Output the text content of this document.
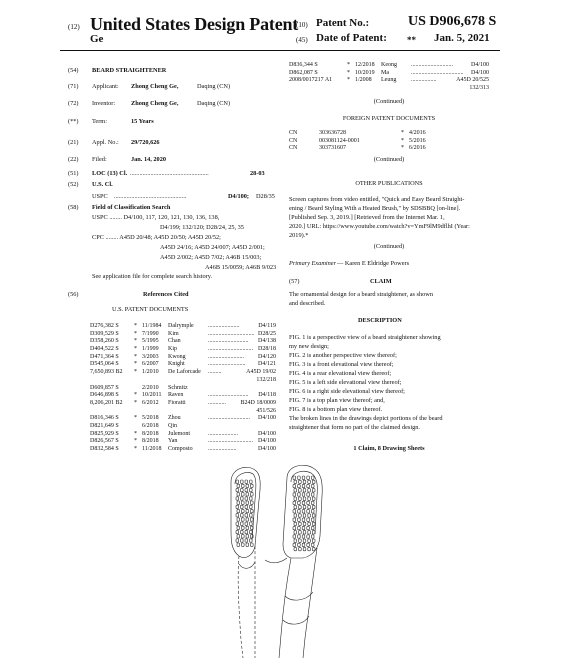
(12) United States Design Patent
Ge
(10) Patent No.:	US D906,678 S
(45) Date of Patent: ** Jan. 5, 2021
(54) BEARD STRAIGHTENER
(71) Applicant: Zhong Cheng Ge,	Daqing (CN)
(72) Inventor:	Zhong Cheng Ge,	Daqing (CN)
(**) Term:	15 Years
(21) Appl. No.: 29/720,626
(22) Filed:	Jan. 14, 2020
(51) LOC (13) Cl. ..................................................	28-03
(52) U.S. Cl.
USPC ..............................................	D4/100; D28/35
(58) Field of Classification Search
USPC ........ D4/100, 117, 120, 121, 130, 136, 138,
D4/199; 132/120; D28/24, 25, 35
CPC ........ A45D 20/48; A45D 20/50; A45D 20/52;
A45D 24/16; A45D 24/007; A45D 2/001;
A45D 2/002; A45D 7/02; A46B 15/003;
A46B 15/0059; A46B 9/023
See application file for complete search history.
(56)	References Cited
U.S. PATENT DOCUMENTS
D276,382 S	* 11/1984 Dalrymple .....................	D4/119
D309,529 S	* 7/1990 Kim	............................... D28/25
D358,260 S	* 5/1995 Chan	........................... D4/138
D404,522 S	* 1/1999 Kip	.............................. D28/18
D471,364 S	* 3/2003 Kwong	........................	D4/120
D545,064 S	* 6/2007 Knight	.........................	D4/121
7,650,893 B2 * 1/2010 De Laforcade .........	A45D 19/02
132/218
D609,857 S	2/2010 Schmitz
D646,898 S	* 10/2011 Raven	........................... D4/118
8,206,201 B2 * 6/2012 Fioratti	............	B24D 18/0009
451/526
D816,346 S	* 5/2018 Zhou	............................ D4/100
D821,649 S	6/2018 Qin
D825,929 S	* 8/2018 Julemont	....................	D4/100
D826,567 S	* 8/2018 Yan	.............................. D4/100
D832,584 S	* 11/2018 Composto	...................	D4/100
D836,344 S	* 12/2018 Keong ............................	D4/100
D862,087 S	* 10/2019 Ma	................................... D4/100
2008/0017217 A1 * 1/2008 Leung .................	A45D 20/525
132/313
(Continued)
FOREIGN PATENT DOCUMENTS
CN	303636728	* 4/2016
CN	003081124-0001	* 5/2016
CN	303731607	* 6/2016
(Continued)
OTHER PUBLICATIONS
Screen captures from video entitled, "Quick and Easy Beard Straight-
ening / Beard Styling With a Heated Brush," by SDSBBQ [on-line].
[Published Sep. 3, 2019.] [Retrieved from the Internet Mar. 1,
2020.] URL: https://www.youtube.com/watch?v=YmF9lM9dflhI (Year:
2019).*
(Continued)
Primary Examiner — Karen E Eldridge Powers
(57)	CLAIM
The ornamental design for a beard straightener, as shown
and described.
DESCRIPTION
FIG. 1 is a perspective view of a beard straightener showing
my new design;
FIG. 2 is another perspective view thereof;
FIG. 3 is a front elevational view thereof;
FIG. 4 is a rear elevational view thereof;
FIG. 5 is a left side elevational view thereof;
FIG. 6 is a right side elevational view thereof;
FIG. 7 is a top plan view thereof; and,
FIG. 8 is a bottom plan view thereof.
The broken lines in the drawings depict portions of the beard
straightener that form no part of the claimed design.
1 Claim, 8 Drawing Sheets
